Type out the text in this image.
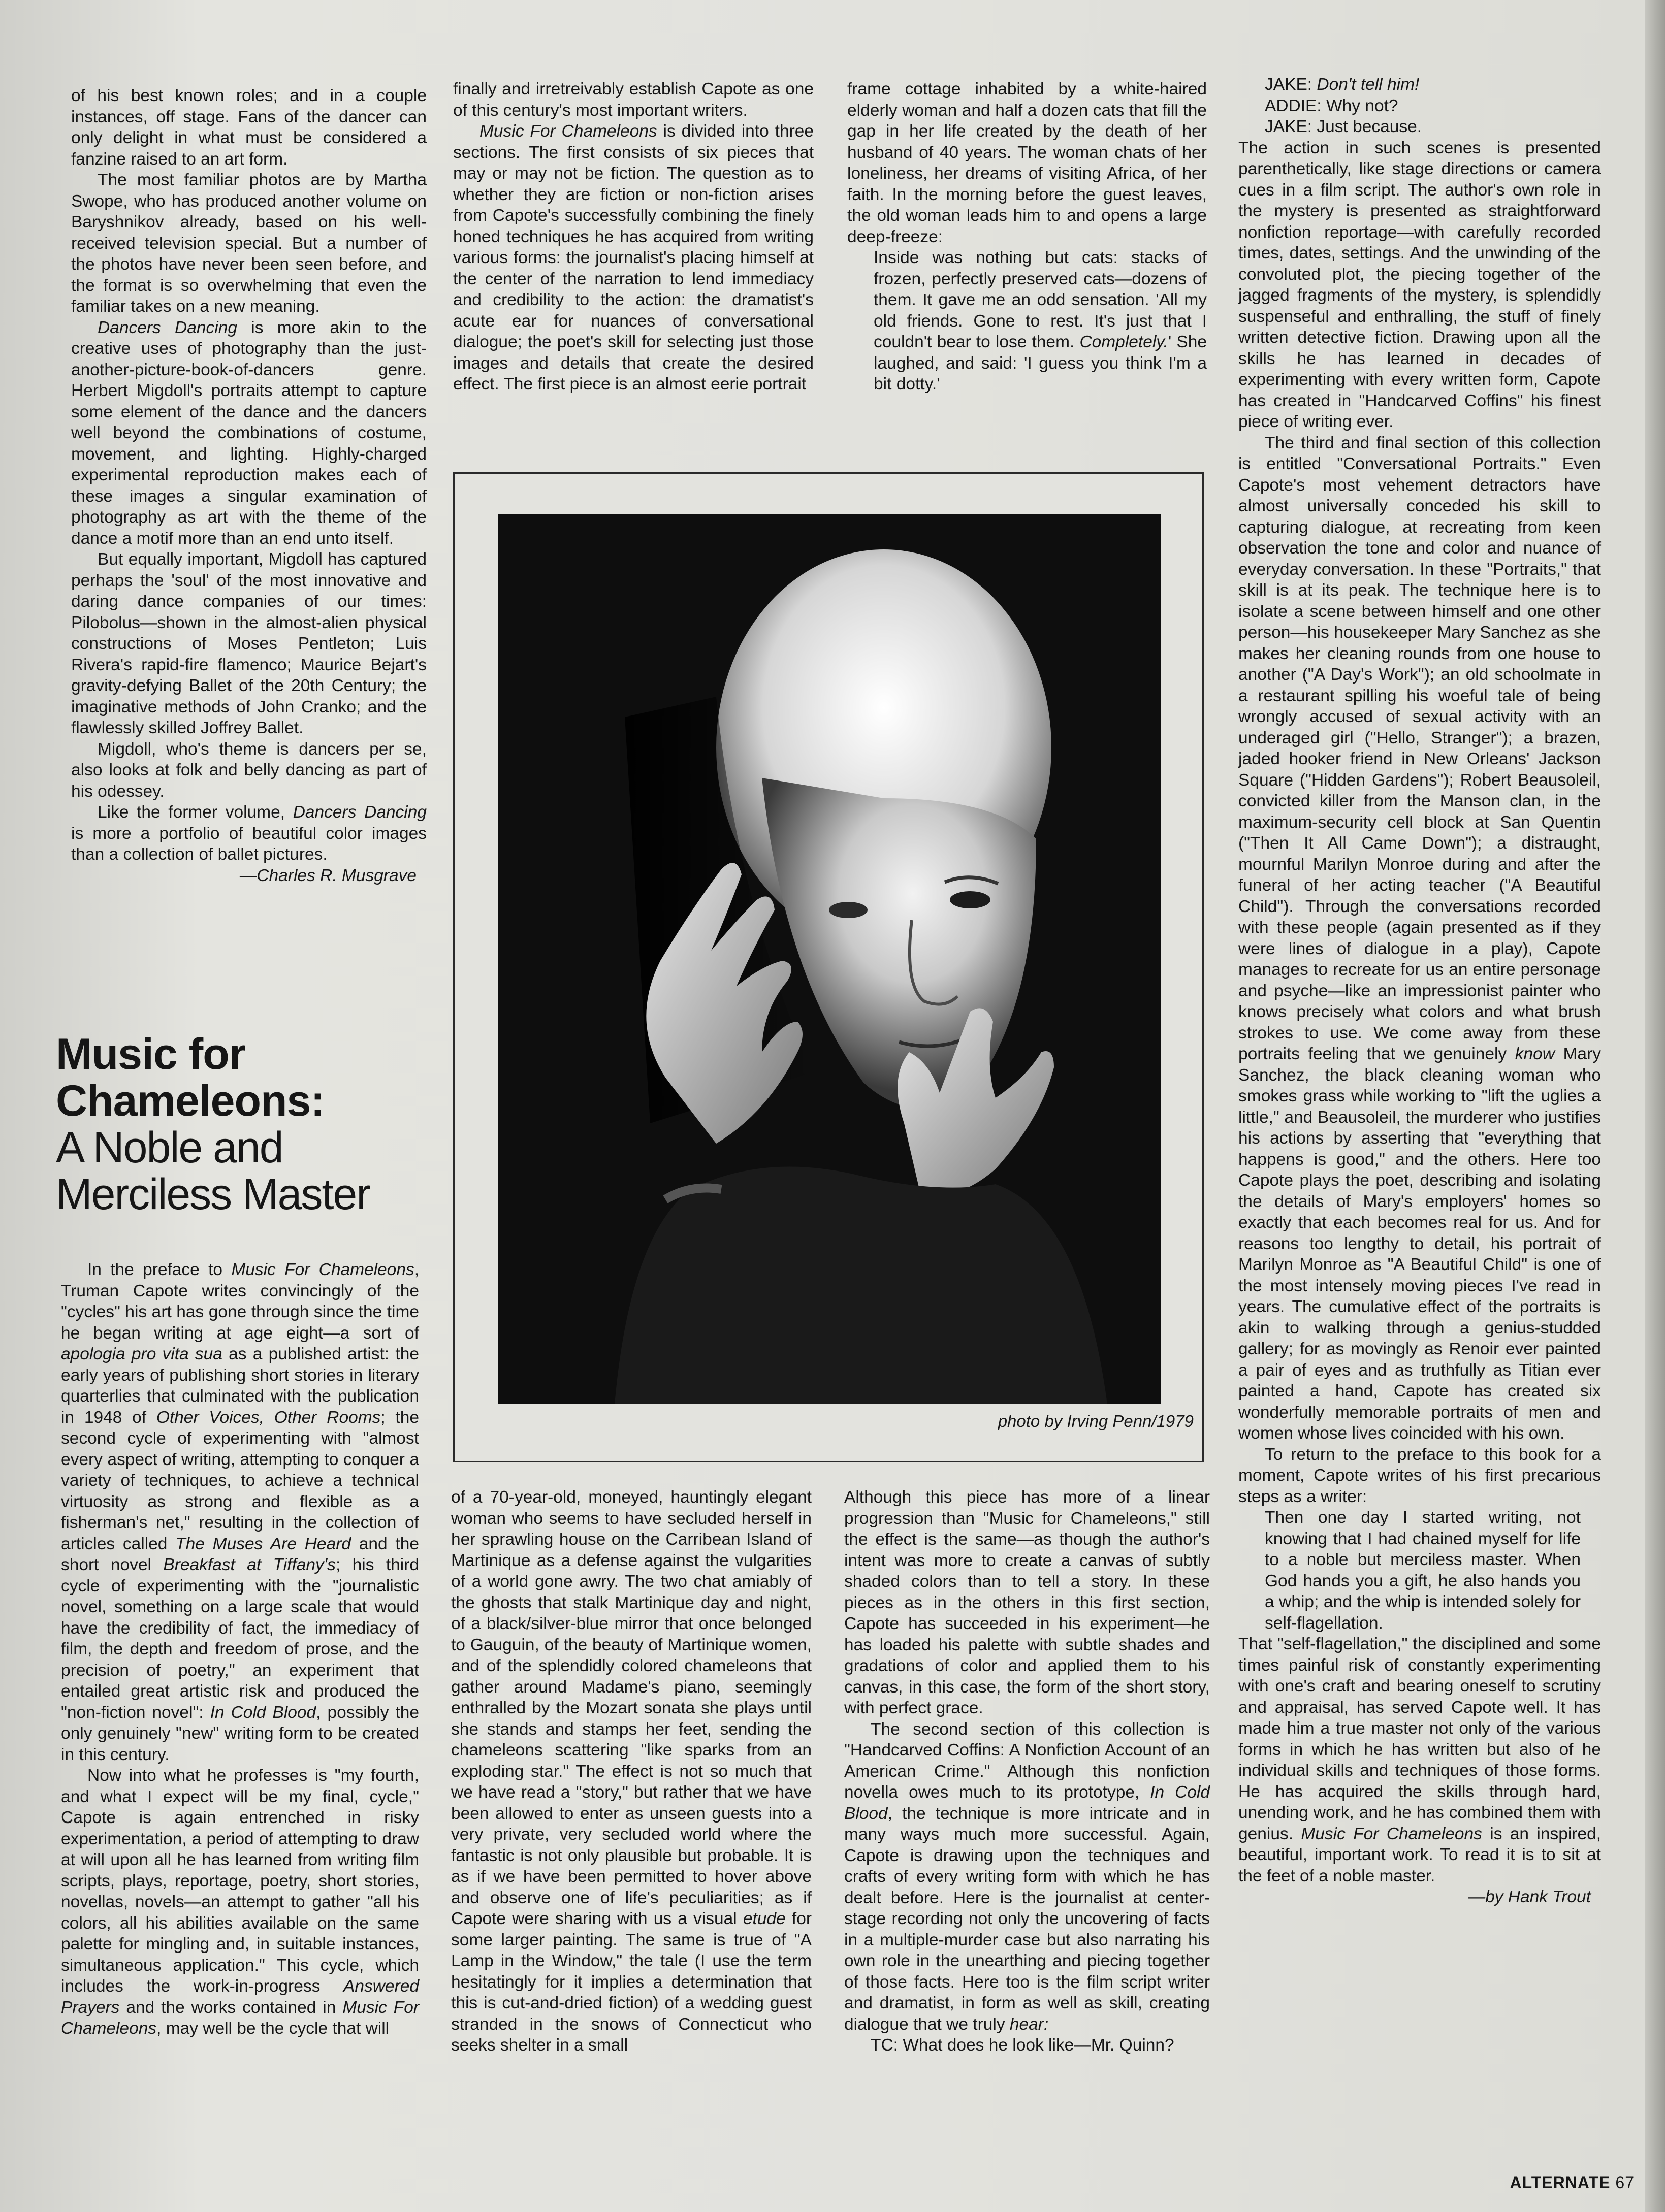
of his best known roles; and in a couple instances, off stage. Fans of the dancer can only delight in what must be considered a fanzine raised to an art form.

The most familiar photos are by Martha Swope, who has produced another volume on Baryshnikov already, based on his well-received television special. But a number of the photos have never been seen before, and the format is so overwhelming that even the familiar takes on a new meaning.

Dancers Dancing is more akin to the creative uses of photography than the just-another-picture-book-of-dancers genre. Herbert Migdoll's portraits attempt to capture some element of the dance and the dancers well beyond the combinations of costume, movement, and lighting. Highly-charged experimental reproduction makes each of these images a singular examination of photography as art with the theme of the dance a motif more than an end unto itself.

But equally important, Migdoll has captured perhaps the 'soul' of the most innovative and daring dance companies of our times: Pilobolus—shown in the almost-alien physical constructions of Moses Pentleton; Luis Rivera's rapid-fire flamenco; Maurice Bejart's gravity-defying Ballet of the 20th Century; the imaginative methods of John Cranko; and the flawlessly skilled Joffrey Ballet.

Migdoll, who's theme is dancers per se, also looks at folk and belly dancing as part of his odessey.

Like the former volume, Dancers Dancing is more a portfolio of beautiful color images than a collection of ballet pictures.

—Charles R. Musgrave

Music for
Chameleons:
A Noble and
Merciless Master

In the preface to Music For Chameleons, Truman Capote writes convincingly of the "cycles" his art has gone through since the time he began writing at age eight—a sort of apologia pro vita sua as a published artist: the early years of publishing short stories in literary quarterlies that culminated with the publication in 1948 of Other Voices, Other Rooms; the second cycle of experimenting with "almost every aspect of writing, attempting to conquer a variety of techniques, to achieve a technical virtuosity as strong and flexible as a fisherman's net," resulting in the collection of articles called The Muses Are Heard and the short novel Breakfast at Tiffany's; his third cycle of experimenting with the "journalistic novel, something on a large scale that would have the credibility of fact, the immediacy of film, the depth and freedom of prose, and the precision of poetry," an experiment that entailed great artistic risk and produced the "non-fiction novel": In Cold Blood, possibly the only genuinely "new" writing form to be created in this century.

Now into what he professes is "my fourth, and what I expect will be my final, cycle," Capote is again entrenched in risky experimentation, a period of attempting to draw at will upon all he has learned from writing film scripts, plays, reportage, poetry, short stories, novellas, novels—an attempt to gather "all his colors, all his abilities available on the same palette for mingling and, in suitable instances, simultaneous application." This cycle, which includes the work-in-progress Answered Prayers and the works contained in Music For Chameleons, may well be the cycle that will

finally and irretreivably establish Capote as one of this century's most important writers.

Music For Chameleons is divided into three sections. The first consists of six pieces that may or may not be fiction. The question as to whether they are fiction or non-fiction arises from Capote's successfully combining the finely honed techniques he has acquired from writing various forms: the journalist's placing himself at the center of the narration to lend immediacy and credibility to the action: the dramatist's acute ear for nuances of conversational dialogue; the poet's skill for selecting just those images and details that create the desired effect. The first piece is an almost eerie portrait

frame cottage inhabited by a white-haired elderly woman and half a dozen cats that fill the gap in her life created by the death of her husband of 40 years. The woman chats of her loneliness, her dreams of visiting Africa, of her faith. In the morning before the guest leaves, the old woman leads him to and opens a large deep-freeze:

Inside was nothing but cats: stacks of frozen, perfectly preserved cats—dozens of them. It gave me an odd sensation. 'All my old friends. Gone to rest. It's just that I couldn't bear to lose them. Completely.' She laughed, and said: 'I guess you think I'm a bit dotty.'

JAKE: Don't tell him!

ADDIE: Why not?

JAKE: Just because.

The action in such scenes is presented parenthetically, like stage directions or camera cues in a film script. The author's own role in the mystery is presented as straightforward nonfiction reportage—with carefully recorded times, dates, settings. And the unwinding of the convoluted plot, the piecing together of the jagged fragments of the mystery, is splendidly suspenseful and enthralling, the stuff of finely written detective fiction. Drawing upon all the skills he has learned in decades of experimenting with every written form, Capote has created in "Handcarved Coffins" his finest piece of writing ever.

The third and final section of this collection is entitled "Conversational Portraits." Even Capote's most vehement detractors have almost universally conceded his skill to capturing dialogue, at recreating from keen observation the tone and color and nuance of everyday conversation. In these "Portraits," that skill is at its peak. The technique here is to isolate a scene between himself and one other person—his housekeeper Mary Sanchez as she makes her cleaning rounds from one house to another ("A Day's Work"); an old schoolmate in a restaurant spilling his woeful tale of being wrongly accused of sexual activity with an underaged girl ("Hello, Stranger"); a brazen, jaded hooker friend in New Orleans' Jackson Square ("Hidden Gardens"); Robert Beausoleil, convicted killer from the Manson clan, in the maximum-security cell block at San Quentin ("Then It All Came Down"); a distraught, mournful Marilyn Monroe during and after the funeral of her acting teacher ("A Beautiful Child"). Through the conversations recorded with these people (again presented as if they were lines of dialogue in a play), Capote manages to recreate for us an entire personage and psyche—like an impressionist painter who knows precisely what colors and what brush strokes to use. We come away from these portraits feeling that we genuinely know Mary Sanchez, the black cleaning woman who smokes grass while working to "lift the uglies a little," and Beausoleil, the murderer who justifies his actions by asserting that "everything that happens is good," and the others. Here too Capote plays the poet, describing and isolating the details of Mary's employers' homes so exactly that each becomes real for us. And for reasons too lengthy to detail, his portrait of Marilyn Monroe as "A Beautiful Child" is one of the most intensely moving pieces I've read in years. The cumulative effect of the portraits is akin to walking through a genius-studded gallery; for as movingly as Renoir ever painted a pair of eyes and as truthfully as Titian ever painted a hand, Capote has created six wonderfully memorable portraits of men and women whose lives coincided with his own.

To return to the preface to this book for a moment, Capote writes of his first precarious steps as a writer:

Then one day I started writing, not knowing that I had chained myself for life to a noble but merciless master. When God hands you a gift, he also hands you a whip; and the whip is intended solely for self-flagellation.

That "self-flagellation," the disciplined and some times painful risk of constantly experimenting with one's craft and bearing oneself to scrutiny and appraisal, has served Capote well. It has made him a true master not only of the various forms in which he has written but also of he individual skills and techniques of those forms. He has acquired the skills through hard, unending work, and he has combined them with genius. Music For Chameleons is an inspired, beautiful, important work. To read it is to sit at the feet of a noble master.

—by Hank Trout

photo by Irving Penn/1979

of a 70-year-old, moneyed, hauntingly elegant woman who seems to have secluded herself in her sprawling house on the Carribean Island of Martinique as a defense against the vulgarities of a world gone awry. The two chat amiably of the ghosts that stalk Martinique day and night, of a black/silver-blue mirror that once belonged to Gauguin, of the beauty of Martinique women, and of the splendidly colored chameleons that gather around Madame's piano, seemingly enthralled by the Mozart sonata she plays until she stands and stamps her feet, sending the chameleons scattering "like sparks from an exploding star." The effect is not so much that we have read a "story," but rather that we have been allowed to enter as unseen guests into a very private, very secluded world where the fantastic is not only plausible but probable. It is as if we have been permitted to hover above and observe one of life's peculiarities; as if Capote were sharing with us a visual etude for some larger painting. The same is true of "A Lamp in the Window," the tale (I use the term hesitatingly for it implies a determination that this is cut-and-dried fiction) of a wedding guest stranded in the snows of Connecticut who seeks shelter in a small

Although this piece has more of a linear progression than "Music for Chameleons," still the effect is the same—as though the author's intent was more to create a canvas of subtly shaded colors than to tell a story. In these pieces as in the others in this first section, Capote has succeeded in his experiment—he has loaded his palette with subtle shades and gradations of color and applied them to his canvas, in this case, the form of the short story, with perfect grace.

The second section of this collection is "Handcarved Coffins: A Nonfiction Account of an American Crime." Although this nonfiction novella owes much to its prototype, In Cold Blood, the technique is more intricate and in many ways much more successful. Again, Capote is drawing upon the techniques and crafts of every writing form with which he has dealt before. Here is the journalist at center-stage recording not only the uncovering of facts in a multiple-murder case but also narrating his own role in the unearthing and piecing together of those facts. Here too is the film script writer and dramatist, in form as well as skill, creating dialogue that we truly hear:

TC: What does he look like—Mr. Quinn?

ALTERNATE 67
